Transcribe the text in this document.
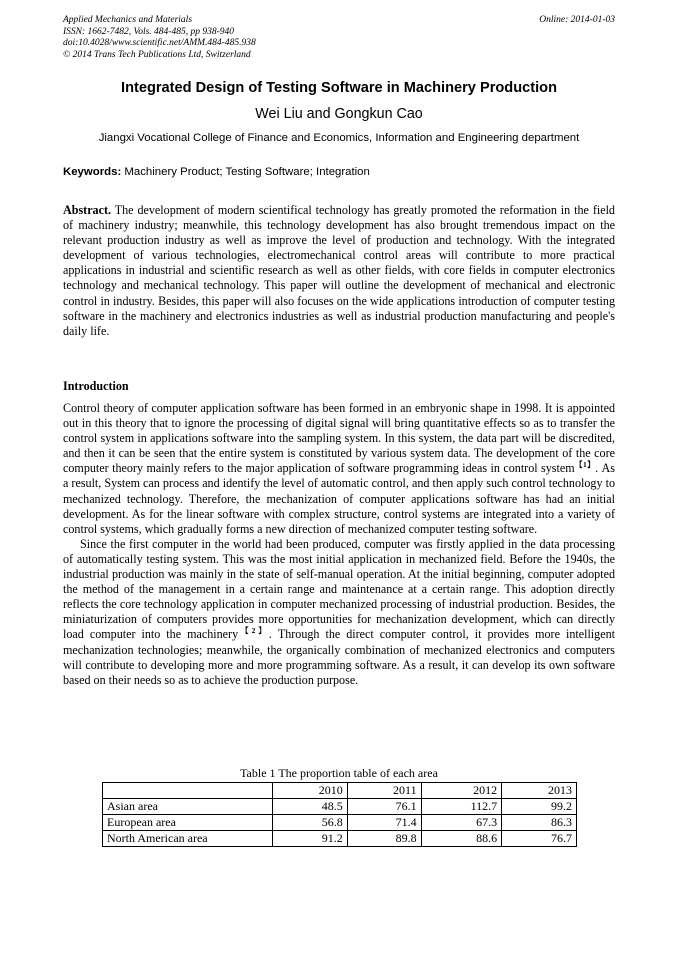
Applied Mechanics and Materials
ISSN: 1662-7482, Vols. 484-485, pp 938-940
doi:10.4028/www.scientific.net/AMM.484-485.938
© 2014 Trans Tech Publications Ltd, Switzerland
Online: 2014-01-03
Integrated Design of Testing Software in Machinery Production
Wei Liu and Gongkun Cao
Jiangxi Vocational College of Finance and Economics, Information and Engineering department
Keywords: Machinery Product; Testing Software; Integration
Abstract. The development of modern scientifical technology has greatly promoted the reformation in the field of machinery industry; meanwhile, this technology development has also brought tremendous impact on the relevant production industry as well as improve the level of production and technology. With the integrated development of various technologies, electromechanical control areas will contribute to more practical applications in industrial and scientific research as well as other fields, with core fields in computer electronics technology and mechanical technology. This paper will outline the development of mechanical and electronic control in industry. Besides, this paper will also focuses on the wide applications introduction of computer testing software in the machinery and electronics industries as well as industrial production manufacturing and people's daily life.
Introduction

Control theory of computer application software has been formed in an embryonic shape in 1998. It is appointed out in this theory that to ignore the processing of digital signal will bring quantitative effects so as to transfer the control system in applications software into the sampling system. In this system, the data part will be discredited, and then it can be seen that the entire system is constituted by various system data. The development of the core computer theory mainly refers to the major application of software programming ideas in control system$^{【1】}$. As a result, System can process and identify the level of automatic control, and then apply such control technology to mechanized technology. Therefore, the mechanization of computer applications software has had an initial development. As for the linear software with complex structure, control systems are integrated into a variety of control systems, which gradually forms a new direction of mechanized computer testing software.

Since the first computer in the world had been produced, computer was firstly applied in the data processing of automatically testing system. This was the most initial application in mechanized field. Before the 1940s, the industrial production was mainly in the state of self-manual operation. At the initial beginning, computer adopted the method of the management in a certain range and maintenance at a certain range. This adoption directly reflects the core technology application in computer mechanized processing of industrial production. Besides, the miniaturization of computers provides more opportunities for mechanization development, which can directly load computer into the machinery$^{【2】}$. Through the direct computer control, it provides more intelligent mechanization technologies; meanwhile, the organically combination of mechanized electronics and computers will contribute to developing more and more programming software. As a result, it can develop its own software based on their needs so as to achieve the production purpose.

Table 1 The proportion table of each area
	2010	2011	2012	2013
Asian area	48.5	76.1	112.7	99.2
European area	56.8	71.4	67.3	86.3
North American area	91.2	89.8	88.6	76.7
